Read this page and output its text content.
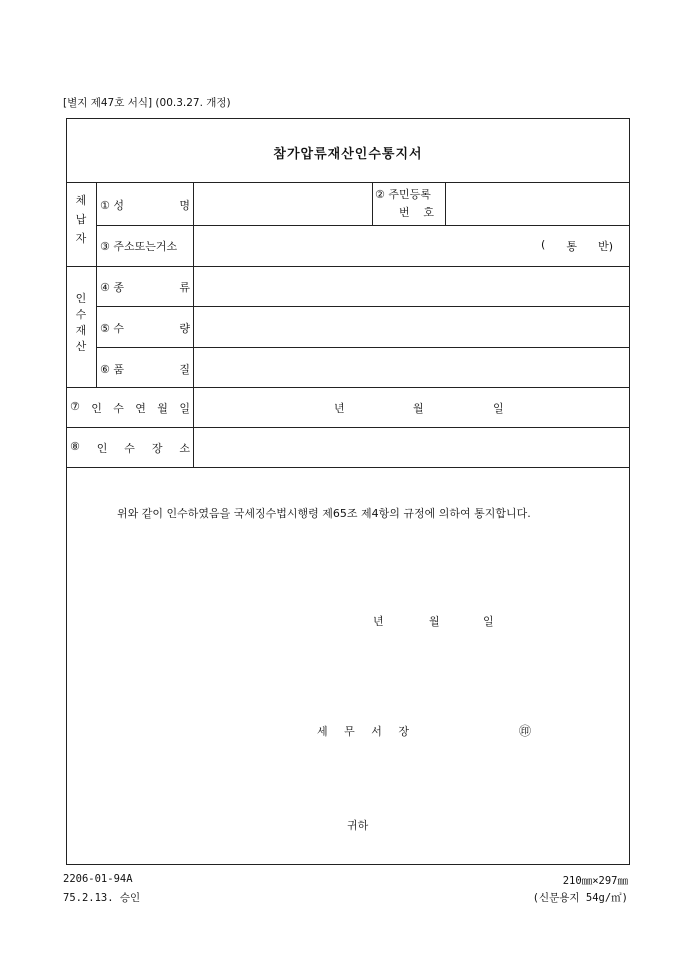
[별지 제47호 서식] (00.3.27. 개정)
참가압류재산인수통지서
체
납
자
① 성	명
② 주민등록
번 호
③ 주소또는거소	( 통 반)
인
수
재
산
④ 종	류
⑤ 수	량
⑥ 품	질
⑦ 인 수 연 월 일	년	월	일
⑧ 인 수 장 소
위와 같이 인수하였음을 국세징수법시행령 제65조 제4항의 규정에 의하여 통지합니다.
년	월	일
세 무 서 장	㊞
귀하
2206-01-94A
75.2.13. 승인
210㎜×297㎜
(신문용지 54g/㎡)
